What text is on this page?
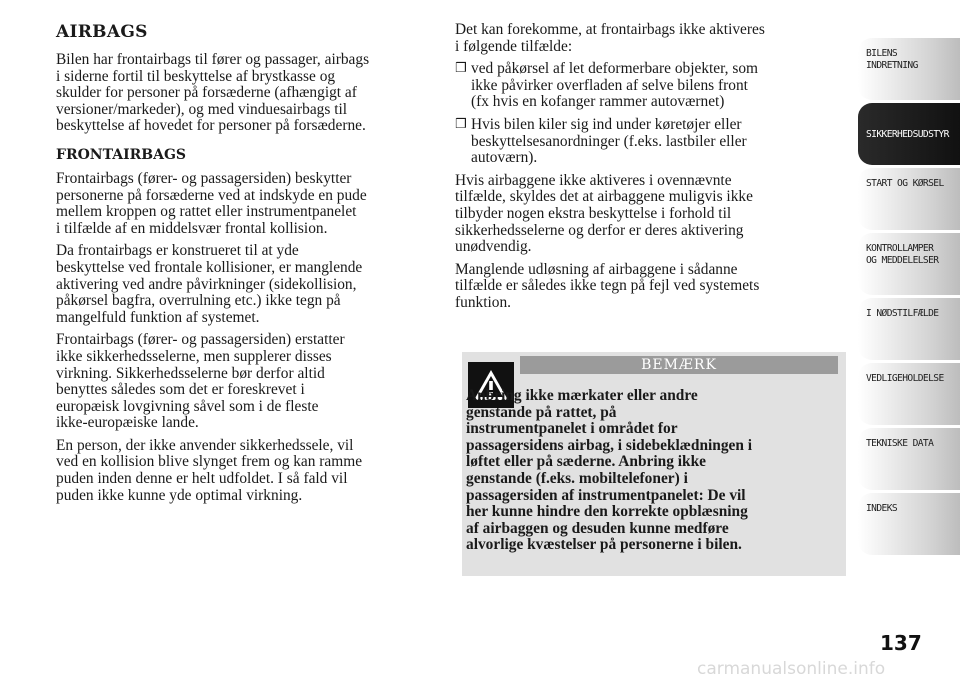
AIRBAGS

Bilen har frontairbags til fører og passager, airbags
i siderne fortil til beskyttelse af brystkasse og
skulder for personer på forsæderne (afhængigt af
versioner/markeder), og med vinduesairbags til
beskyttelse af hovedet for personer på forsæderne.

FRONTAIRBAGS

Frontairbags (fører- og passagersiden) beskytter
personerne på forsæderne ved at indskyde en pude
mellem kroppen og rattet eller instrumentpanelet
i tilfælde af en middelsvær frontal kollision.

Da frontairbags er konstrueret til at yde
beskyttelse ved frontale kollisioner, er manglende
aktivering ved andre påvirkninger (sidekollision,
påkørsel bagfra, overrulning etc.) ikke tegn på
mangelfuld funktion af systemet.

Frontairbags (fører- og passagersiden) erstatter
ikke sikkerhedsselerne, men supplerer disses
virkning. Sikkerhedsselerne bør derfor altid
benyttes således som det er foreskrevet i
europæisk lovgivning såvel som i de fleste
ikke-europæiske lande.

En person, der ikke anvender sikkerhedssele, vil
ved en kollision blive slynget frem og kan ramme
puden inden denne er helt udfoldet. I så fald vil
puden ikke kunne yde optimal virkning.

Det kan forekomme, at frontairbags ikke aktiveres
i følgende tilfælde:

❒ ved påkørsel af let deformerbare objekter, som
ikke påvirker overfladen af selve bilens front
(fx hvis en kofanger rammer autoværnet)
❒ Hvis bilen kiler sig ind under køretøjer eller
beskyttelsesanordninger (f.eks. lastbiler eller
autoværn).

Hvis airbaggene ikke aktiveres i ovennævnte
tilfælde, skyldes det at airbaggene muligvis ikke
tilbyder nogen ekstra beskyttelse i forhold til
sikkerhedsselerne og derfor er deres aktivering
unødvendig.

Manglende udløsning af airbaggene i sådanne
tilfælde er således ikke tegn på fejl ved systemets
funktion.

BEMÆRK
Anbring ikke mærkater eller andre
genstande på rattet, på
instrumentpanelet i området for
passagersidens airbag, i sidebeklædningen i
løftet eller på sæderne. Anbring ikke
genstande (f.eks. mobiltelefoner) i
passagersiden af instrumentpanelet: De vil
her kunne hindre den korrekte opblæsning
af airbaggen og desuden kunne medføre
alvorlige kvæstelser på personerne i bilen.
BILENS
INDRETNING
SIKKERHEDSUDSTYR
START OG KØRSEL
KONTROLLAMPER
OG MEDDELELSER
I NØDSTILFÆLDE
VEDLIGEHOLDELSE
TEKNISKE DATA
INDEKS
137
carmanualsonline.info
